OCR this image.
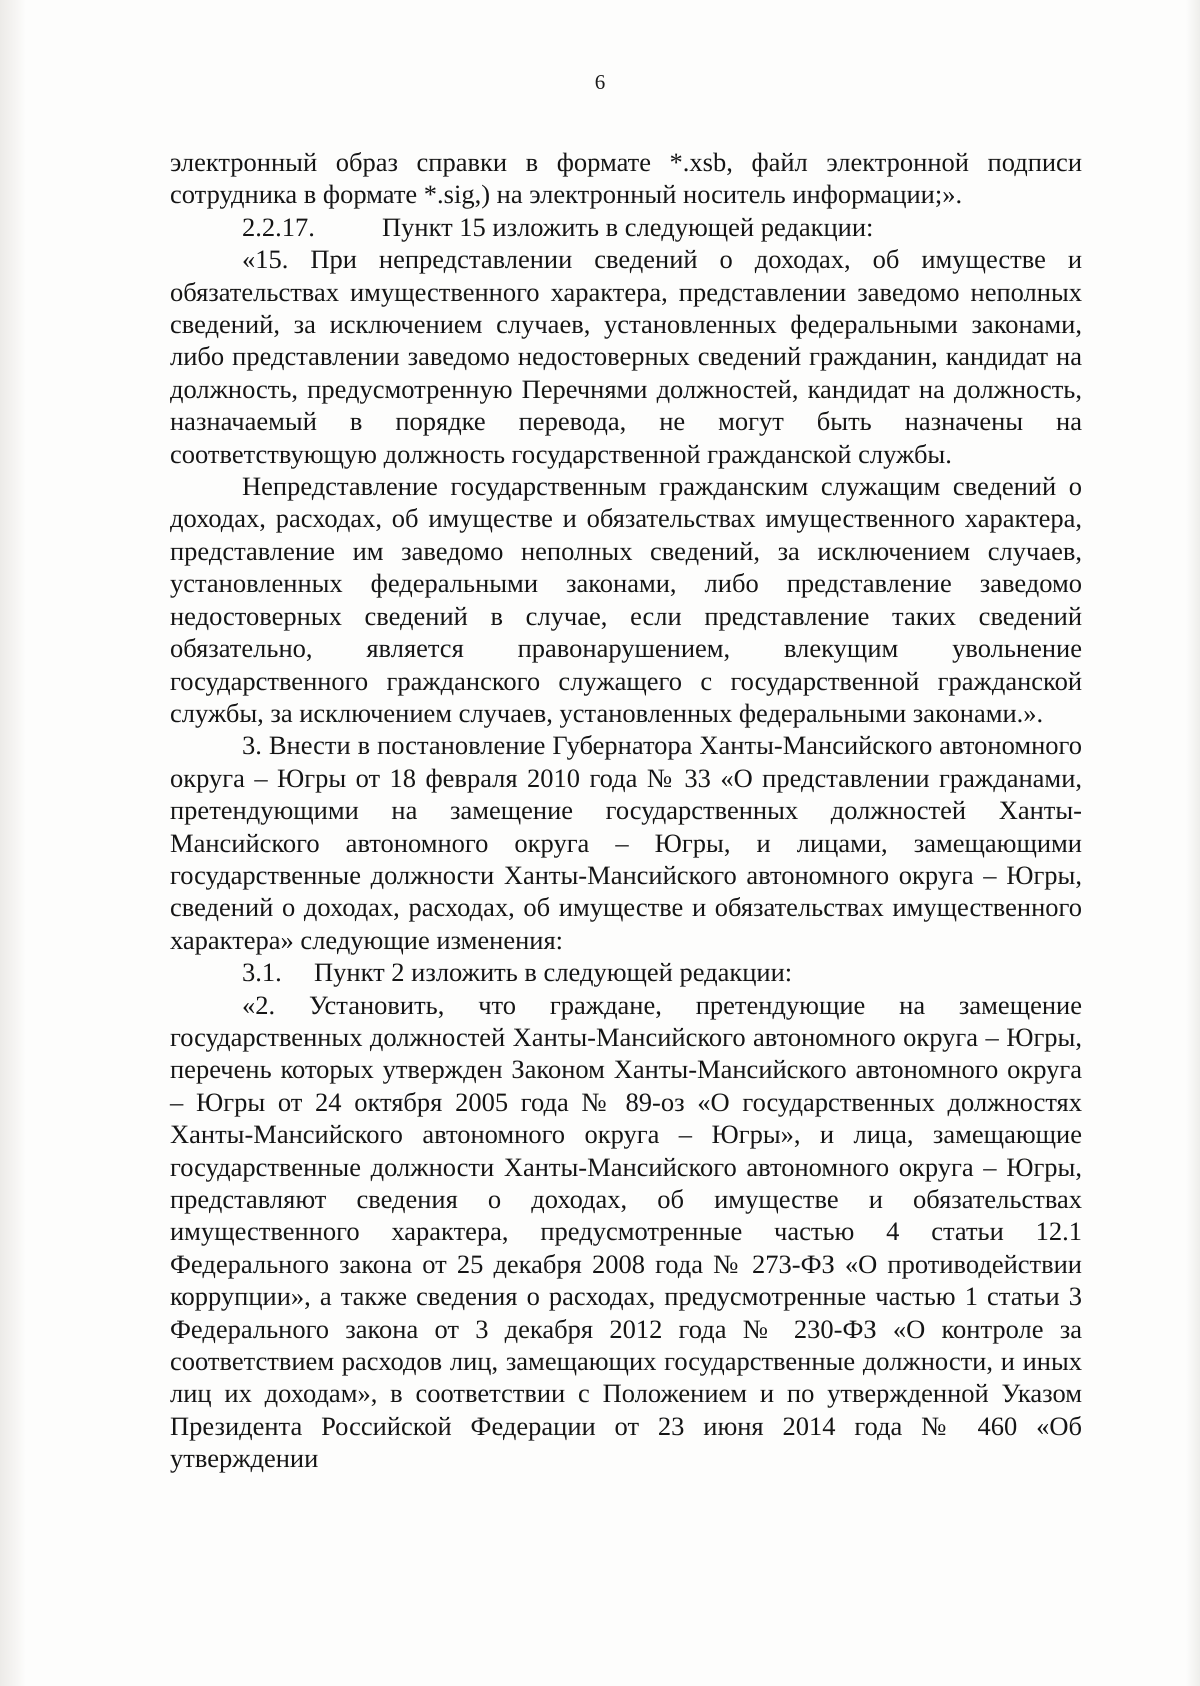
6

электронный образ справки в формате *.xsb, файл электронной подписи сотрудника в формате *.sig,) на электронный носитель информации;».

2.2.17.	Пункт 15 изложить в следующей редакции:

«15. При непредставлении сведений о доходах, об имуществе и обязательствах имущественного характера, представлении заведомо неполных сведений, за исключением случаев, установленных федеральными законами, либо представлении заведомо недостоверных сведений гражданин, кандидат на должность, предусмотренную Перечнями должностей, кандидат на должность, назначаемый в порядке перевода, не могут быть назначены на соответствующую должность государственной гражданской службы.

Непредставление государственным гражданским служащим сведений о доходах, расходах, об имуществе и обязательствах имущественного характера, представление им заведомо неполных сведений, за исключением случаев, установленных федеральными законами, либо представление заведомо недостоверных сведений в случае, если представление таких сведений обязательно, является правонарушением, влекущим увольнение государственного гражданского служащего с государственной гражданской службы, за исключением случаев, установленных федеральными законами.».

3. Внести в постановление Губернатора Ханты-Мансийского автономного округа – Югры от 18 февраля 2010 года № 33 «О представлении гражданами, претендующими на замещение государственных должностей Ханты-Мансийского автономного округа – Югры, и лицами, замещающими государственные должности Ханты-Мансийского автономного округа – Югры, сведений о доходах, расходах, об имуществе и обязательствах имущественного характера» следующие изменения:

3.1. Пункт 2 изложить в следующей редакции:

«2. Установить, что граждане, претендующие на замещение государственных должностей Ханты-Мансийского автономного округа – Югры, перечень которых утвержден Законом Ханты-Мансийского автономного округа – Югры от 24 октября 2005 года № 89-оз «О государственных должностях Ханты-Мансийского автономного округа – Югры», и лица, замещающие государственные должности Ханты-Мансийского автономного округа – Югры, представляют сведения о доходах, об имуществе и обязательствах имущественного характера, предусмотренные частью 4 статьи 12.1 Федерального закона от 25 декабря 2008 года № 273-ФЗ «О противодействии коррупции», а также сведения о расходах, предусмотренные частью 1 статьи 3 Федерального закона от 3 декабря 2012 года № 230-ФЗ «О контроле за соответствием расходов лиц, замещающих государственные должности, и иных лиц их доходам», в соответствии с Положением и по утвержденной Указом Президента Российской Федерации от 23 июня 2014 года № 460 «Об утверждении
